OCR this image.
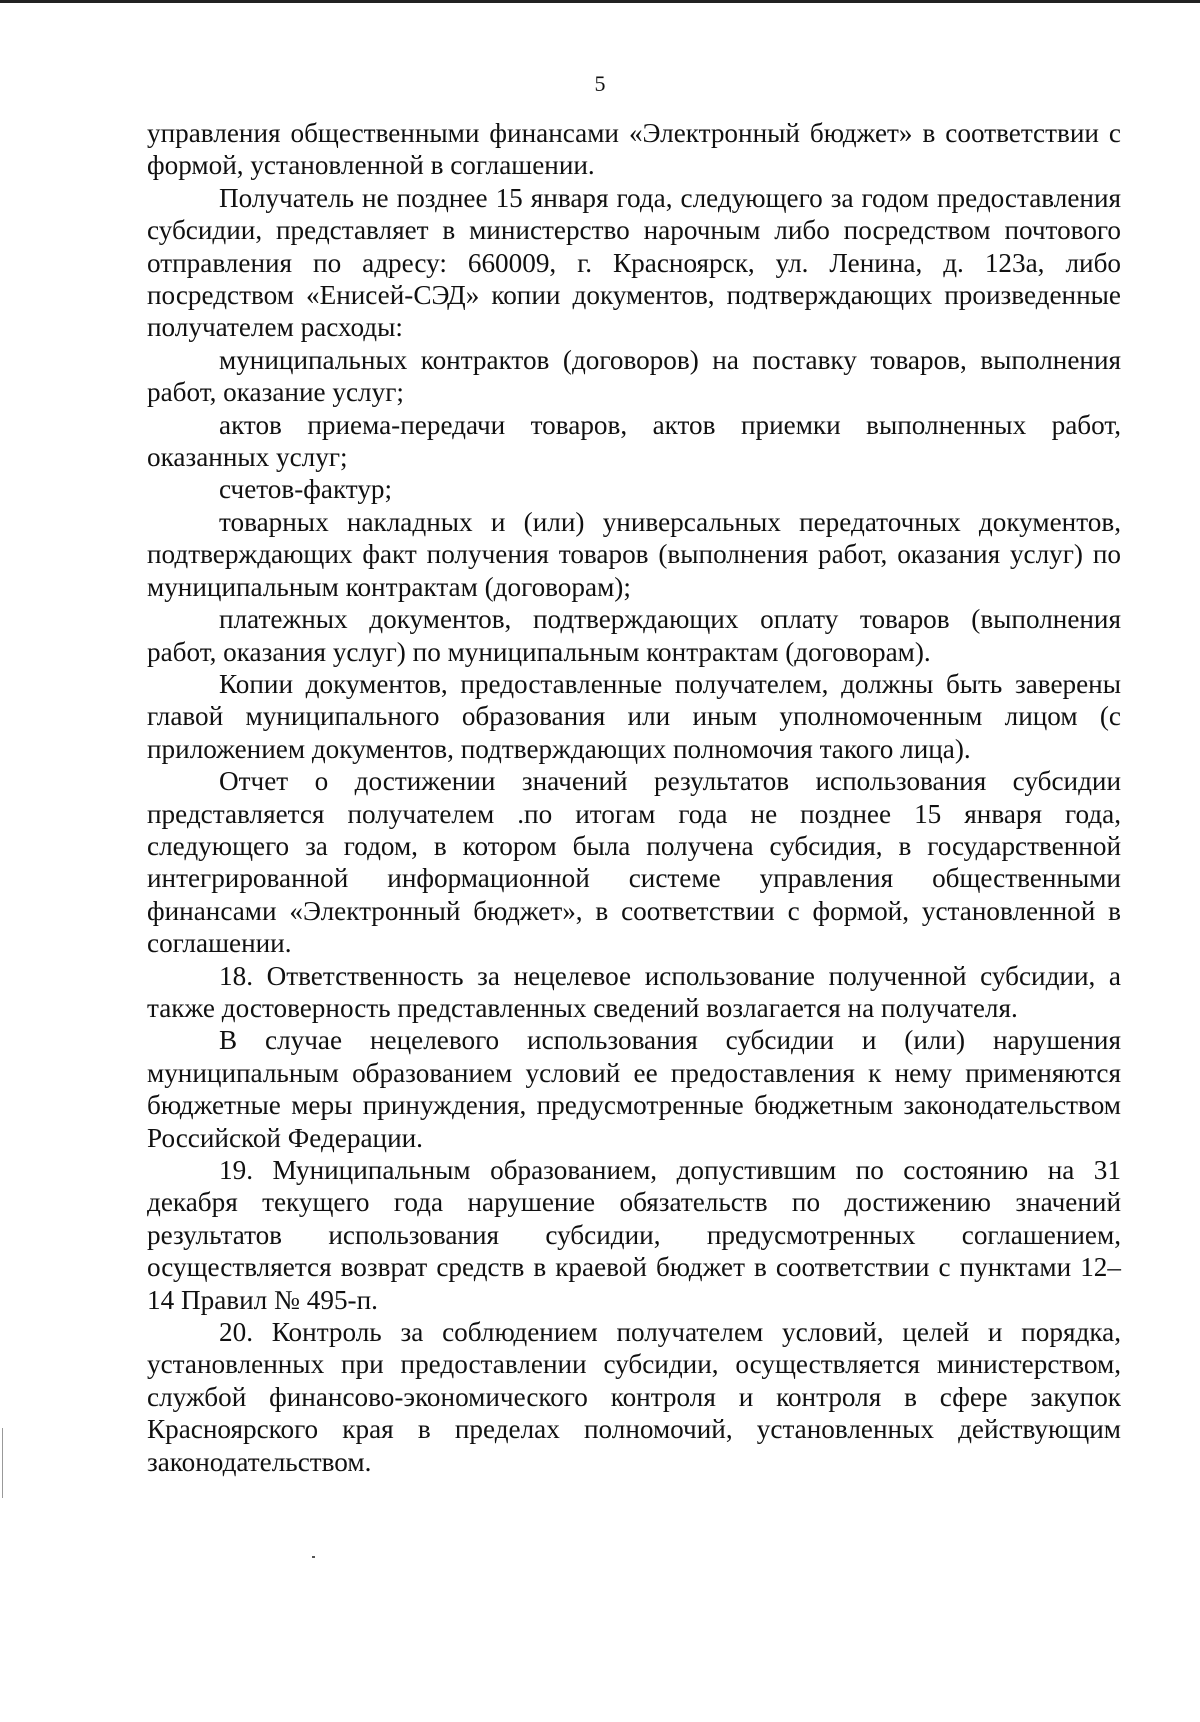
5

управления общественными финансами «Электронный бюджет» в соответствии с формой, установленной в соглашении.

Получатель не позднее 15 января года, следующего за годом предоставления субсидии, представляет в министерство нарочным либо посредством почтового отправления по адресу: 660009, г. Красноярск, ул. Ленина, д. 123а, либо посредством «Енисей-СЭД» копии документов, подтверждающих произведенные получателем расходы:

муниципальных контрактов (договоров) на поставку товаров, выполнения работ, оказание услуг;

актов приема-передачи товаров, актов приемки выполненных работ, оказанных услуг;

счетов-фактур;

товарных накладных и (или) универсальных передаточных документов, подтверждающих факт получения товаров (выполнения работ, оказания услуг) по муниципальным контрактам (договорам);

платежных документов, подтверждающих оплату товаров (выполнения работ, оказания услуг) по муниципальным контрактам (договорам).

Копии документов, предоставленные получателем, должны быть заверены главой муниципального образования или иным уполномоченным лицом (с приложением документов, подтверждающих полномочия такого лица).

Отчет о достижении значений результатов использования субсидии представляется получателем .по итогам года не позднее 15 января года, следующего за годом, в котором была получена субсидия, в государственной интегрированной информационной системе управления общественными финансами «Электронный бюджет», в соответствии с формой, установленной в соглашении.

18. Ответственность за нецелевое использование полученной субсидии, а также достоверность представленных сведений возлагается на получателя.

В случае нецелевого использования субсидии и (или) нарушения муниципальным образованием условий ее предоставления к нему применяются бюджетные меры принуждения, предусмотренные бюджетным законодательством Российской Федерации.

19. Муниципальным образованием, допустившим по состоянию на 31 декабря текущего года нарушение обязательств по достижению значений результатов использования субсидии, предусмотренных соглашением, осуществляется возврат средств в краевой бюджет в соответствии с пунктами 12–14 Правил № 495-п.

20. Контроль за соблюдением получателем условий, целей и порядка, установленных при предоставлении субсидии, осуществляется министерством, службой финансово-экономического контроля и контроля в сфере закупок Красноярского края в пределах полномочий, установленных действующим законодательством.
